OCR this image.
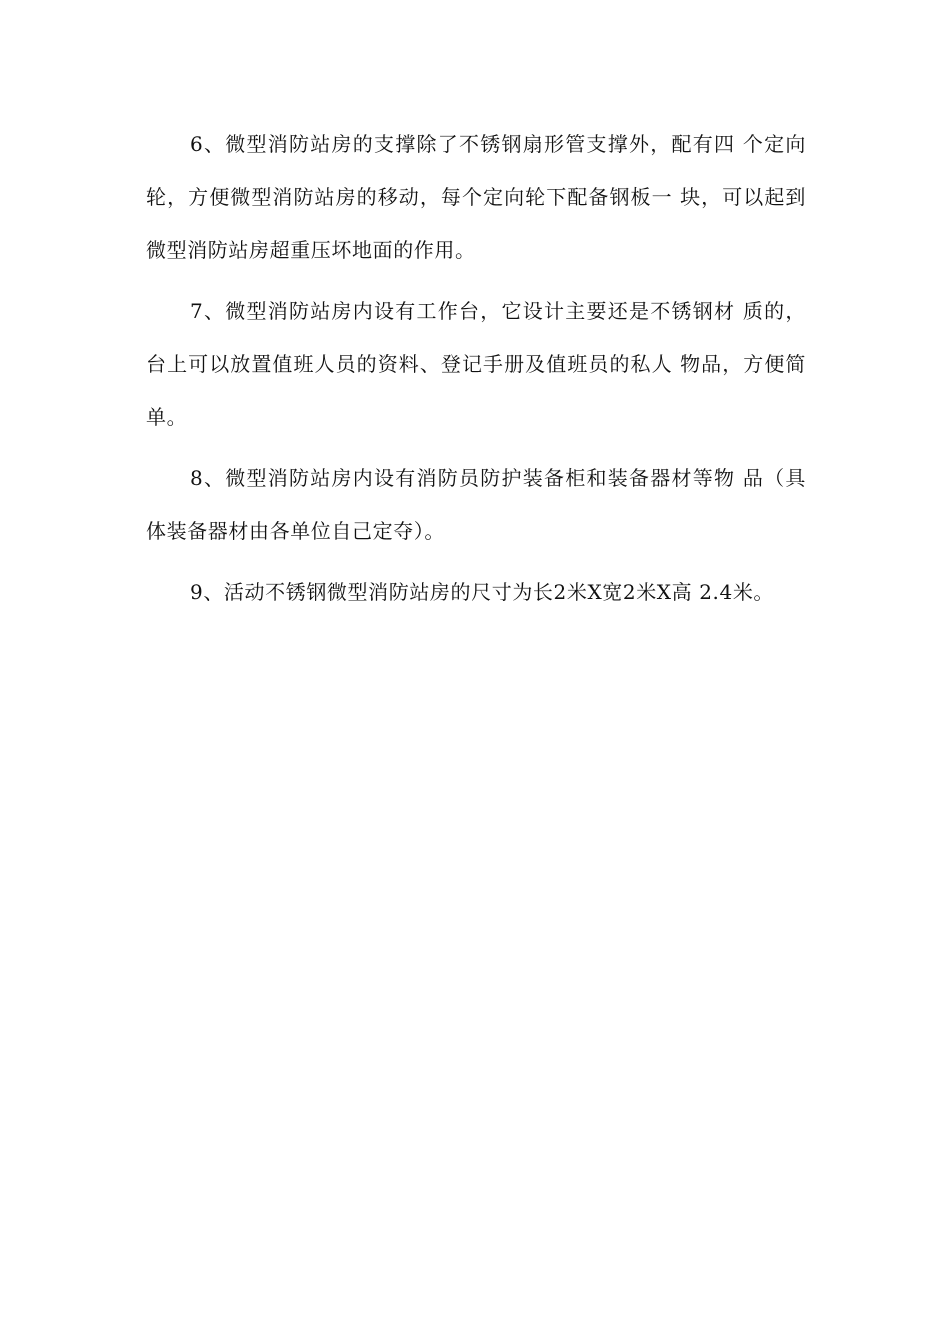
6、微型消防站房的支撑除了不锈钢扇形管支撑外，配有四 个定向轮，方便微型消防站房的移动，每个定向轮下配备钢板一 块，可以起到微型消防站房超重压坏地面的作用。

7、微型消防站房内设有工作台，它设计主要还是不锈钢材 质的，台上可以放置值班人员的资料、登记手册及值班员的私人 物品，方便简单。

8、微型消防站房内设有消防员防护装备柜和装备器材等物 品（具体装备器材由各单位自己定夺）。

9、活动不锈钢微型消防站房的尺寸为长2米X宽2米X高 2.4米。
